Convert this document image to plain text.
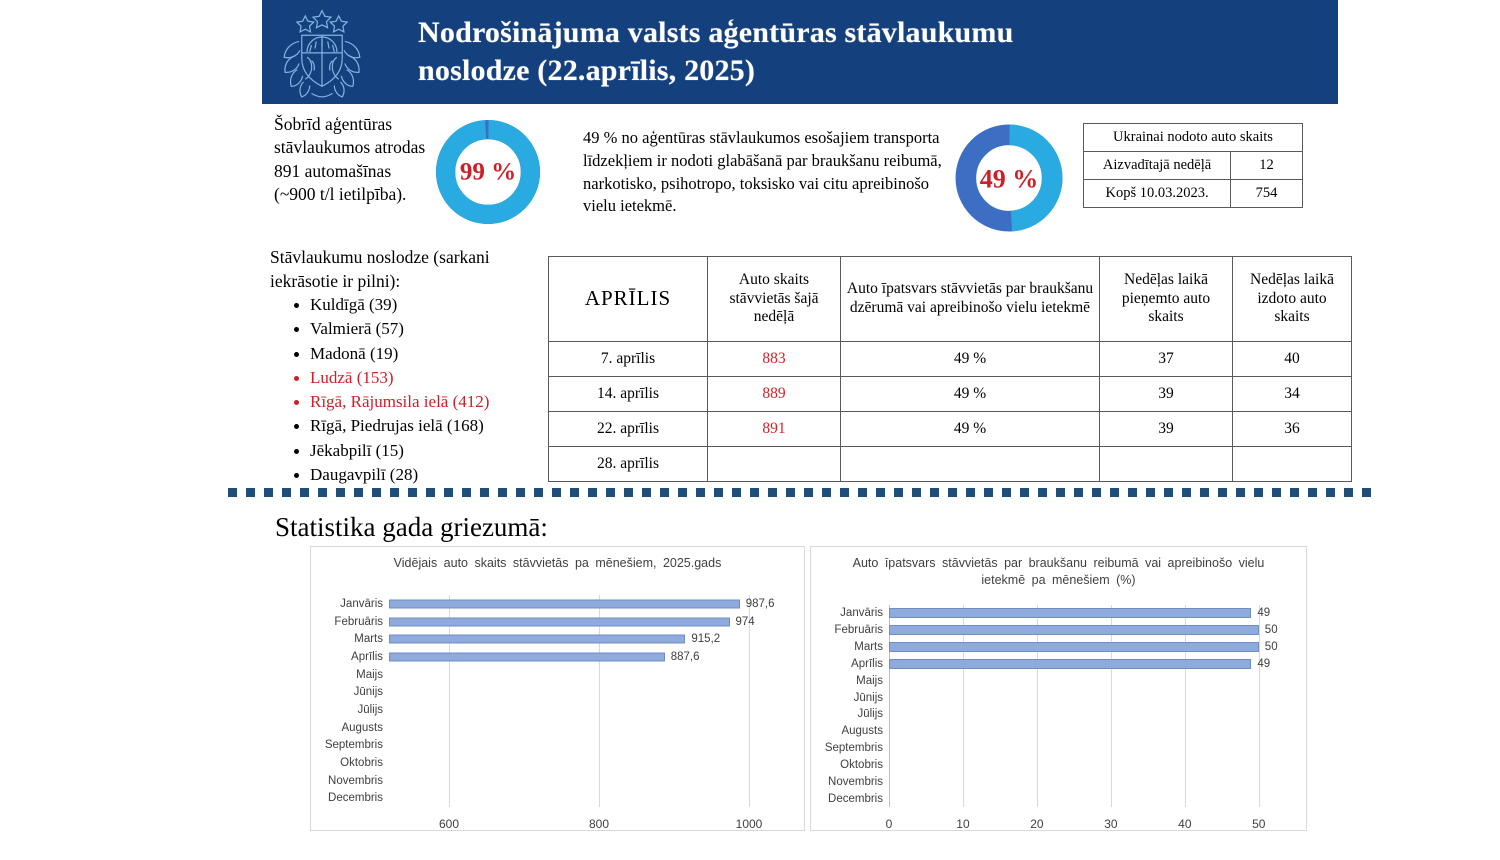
Nodrošinājuma valsts aģentūras stāvlaukumu
noslodze (22.aprīlis, 2025)
Šobrīd aģentūras stāvlaukumos atrodas 891 automašīnas (~900 t/l ietilpība).
99 %
49 % no aģentūras stāvlaukumos esošajiem transporta līdzekļiem ir nodoti glabāšanā par braukšanu reibumā, narkotisko, psihotropo, toksisko vai citu apreibinošo vielu ietekmē.
49 %
Ukrainai nodoto auto skaits	
Aizvadītajā nedēļā	12
Kopš 10.03.2023.	754
Stāvlaukumu noslodze (sarkani iekrāsotie ir pilni):
Kuldīgā (39)
Valmierā (57)
Madonā (19)
Ludzā (153)
Rīgā, Rājumsila ielā (412)
Rīgā, Piedrujas ielā (168)
Jēkabpilī (15)
Daugavpilī (28)
APRĪLIS	Auto skaits stāvvietās šajā nedēļā	Auto īpatsvars stāvvietās par braukšanu dzērumā vai apreibinošo vielu ietekmē	Nedēļas laikā pieņemto auto skaits	Nedēļas laikā izdoto auto skaits
7. aprīlis	883	49 %	37	40
14. aprīlis	889	49 %	39	34
22. aprīlis	891	49 %	39	36
28. aprīlis				
Statistika gada griezumā:
Vidējais auto skaits stāvvietās pa mēnešiem, 2025.gads
600	800	1000
Janvāris	987,6
Februāris	974
Marts	915,2
Aprīlis	887,6
Maijs
Jūnijs
Jūlijs
Augusts
Septembris
Oktobris
Novembris
Decembris
Auto īpatsvars stāvvietās par braukšanu reibumā vai apreibinošo vielu ietekmē pa mēnešiem (%)
0	10	20	30	40	50
Janvāris	49
Februāris	50
Marts	50
Aprīlis	49
Maijs
Jūnijs
Jūlijs
Augusts
Septembris
Oktobris
Novembris
Decembris
